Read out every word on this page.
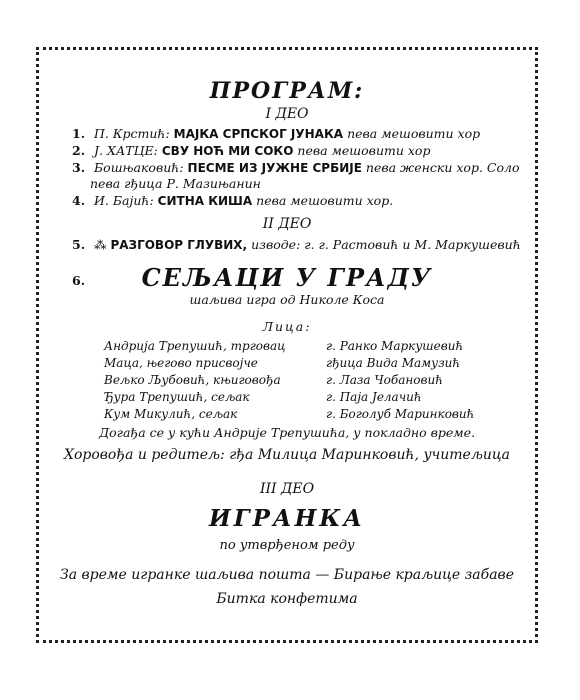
ПРОГРАМ:
I ДЕО
1. П. Крстић: МАЈКА СРПСКОГ ЈУНАКА пева мешовити хор
2. Ј. ХАТЦЕ: СВУ НОЋ МИ СОКО пева мешовити хор
3. Бошњаковић: ПЕСМЕ ИЗ ЈУЖНЕ СРБИЈЕ пева женски хор. Соло
пева гђица Р. Мазињанин
4. И. Бајић: СИТНА КИША пева мешовити хор.
II ДЕО
5. ⁂ РАЗГОВОР ГЛУВИХ, изводе: г. г. Растовић и М. Маркушевић
6.	СЕЉАЦИ У ГРАДУ
шаљива игра од Николе Коса
Лица:
Андрија Трепушић, трговац	г. Ранко Маркушевић
Маца, његово присвојче	гђица Вида Мамузић
Вељко Љубовић, књиговођа	г. Лаза Чобановић
Ђура Трепушић, сељак	г. Паја Јелачић
Кум Микулић, сељак	г. Боголуб Маринковић
Догађа се у кући Андрије Трепушића, у покладно време.
Хоровођа и редитељ: гђа Милица Маринковић, учитељица
III ДЕО
ИГРАНКА
по утврђеном реду
За време игранке шаљива пошта — Бирање краљице забаве
Битка конфетима
